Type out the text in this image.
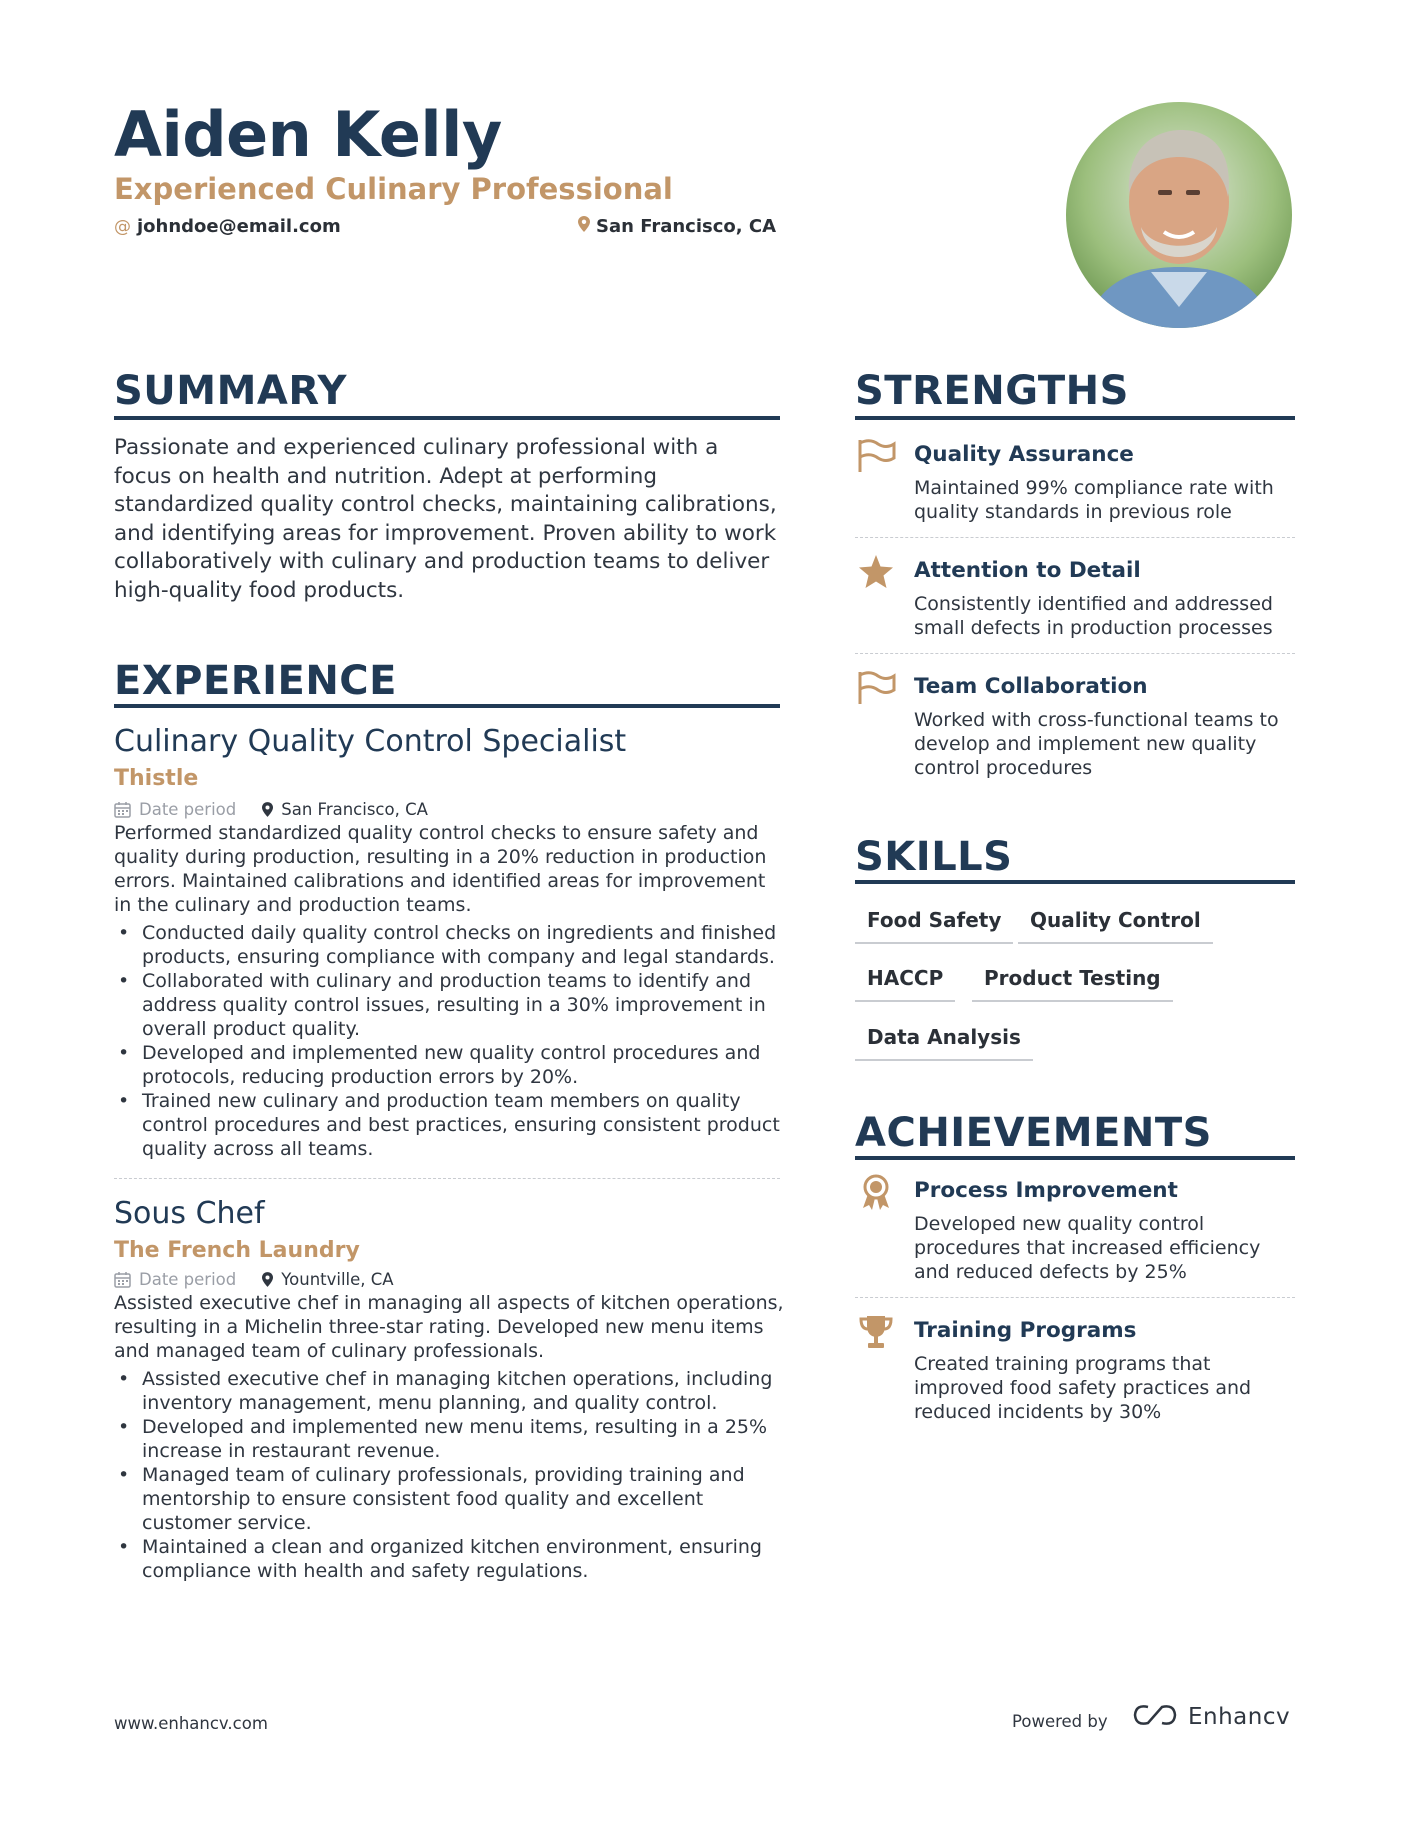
Aiden Kelly
Experienced Culinary Professional
@ johndoe@email.com	San Francisco, CA
SUMMARY
Passionate and experienced culinary professional with a focus on health and nutrition. Adept at performing standardized quality control checks, maintaining calibrations, and identifying areas for improvement. Proven ability to work collaboratively with culinary and production teams to deliver high-quality food products.
EXPERIENCE
Culinary Quality Control Specialist
Thistle
Date period	San Francisco, CA
Performed standardized quality control checks to ensure safety and quality during production, resulting in a 20% reduction in production errors. Maintained calibrations and identified areas for improvement in the culinary and production teams.
• Conducted daily quality control checks on ingredients and finished products, ensuring compliance with company and legal standards.
• Collaborated with culinary and production teams to identify and address quality control issues, resulting in a 30% improvement in overall product quality.
• Developed and implemented new quality control procedures and protocols, reducing production errors by 20%.
• Trained new culinary and production team members on quality control procedures and best practices, ensuring consistent product quality across all teams.
Sous Chef
The French Laundry
Date period	Yountville, CA
Assisted executive chef in managing all aspects of kitchen operations, resulting in a Michelin three-star rating. Developed new menu items and managed team of culinary professionals.
• Assisted executive chef in managing kitchen operations, including inventory management, menu planning, and quality control.
• Developed and implemented new menu items, resulting in a 25% increase in restaurant revenue.
• Managed team of culinary professionals, providing training and mentorship to ensure consistent food quality and excellent customer service.
• Maintained a clean and organized kitchen environment, ensuring compliance with health and safety regulations.
STRENGTHS
Quality Assurance
Maintained 99% compliance rate with quality standards in previous role
Attention to Detail
Consistently identified and addressed small defects in production processes
Team Collaboration
Worked with cross-functional teams to develop and implement new quality control procedures
SKILLS
Food Safety	Quality Control
HACCP	Product Testing
Data Analysis
ACHIEVEMENTS
Process Improvement
Developed new quality control procedures that increased efficiency and reduced defects by 25%
Training Programs
Created training programs that improved food safety practices and reduced incidents by 30%
www.enhancv.com	Powered by	Enhancv
